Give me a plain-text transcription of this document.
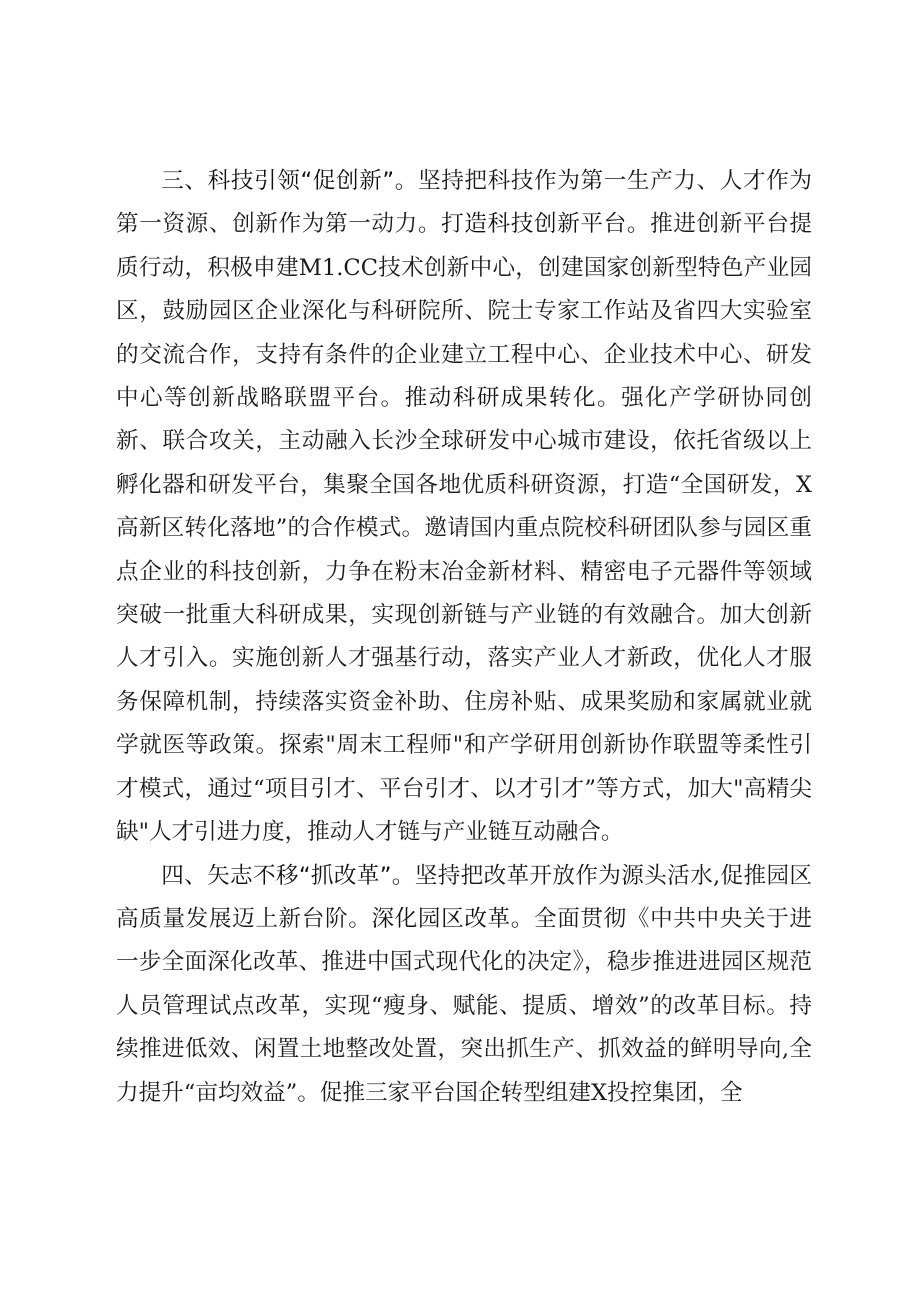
三、科技引领“促创新”。坚持把科技作为第一生产力、人才作为第一资源、创新作为第一动力。打造科技创新平台。推进创新平台提质行动，积极申建M1.CC技术创新中心，创建国家创新型特色产业园区，鼓励园区企业深化与科研院所、院士专家工作站及省四大实验室的交流合作，支持有条件的企业建立工程中心、企业技术中心、研发中心等创新战略联盟平台。推动科研成果转化。强化产学研协同创新、联合攻关，主动融入长沙全球研发中心城市建设，依托省级以上孵化器和研发平台，集聚全国各地优质科研资源，打造“全国研发，X高新区转化落地”的合作模式。邀请国内重点院校科研团队参与园区重点企业的科技创新，力争在粉末冶金新材料、精密电子元器件等领域突破一批重大科研成果，实现创新链与产业链的有效融合。加大创新人才引入。实施创新人才强基行动，落实产业人才新政，优化人才服务保障机制，持续落实资金补助、住房补贴、成果奖励和家属就业就学就医等政策。探索"周末工程师"和产学研用创新协作联盟等柔性引才模式，通过“项目引才、平台引才、以才引才”等方式，加大"高精尖缺"人才引进力度，推动人才链与产业链互动融合。

四、矢志不移“抓改革”。坚持把改革开放作为源头活水,促推园区高质量发展迈上新台阶。深化园区改革。全面贯彻《中共中央关于进一步全面深化改革、推进中国式现代化的决定》，稳步推进进园区规范人员管理试点改革，实现“瘦身、赋能、提质、增效”的改革目标。持续推进低效、闲置土地整改处置，突出抓生产、抓效益的鲜明导向,全力提升“亩均效益”。促推三家平台国企转型组建X投控集团，全
